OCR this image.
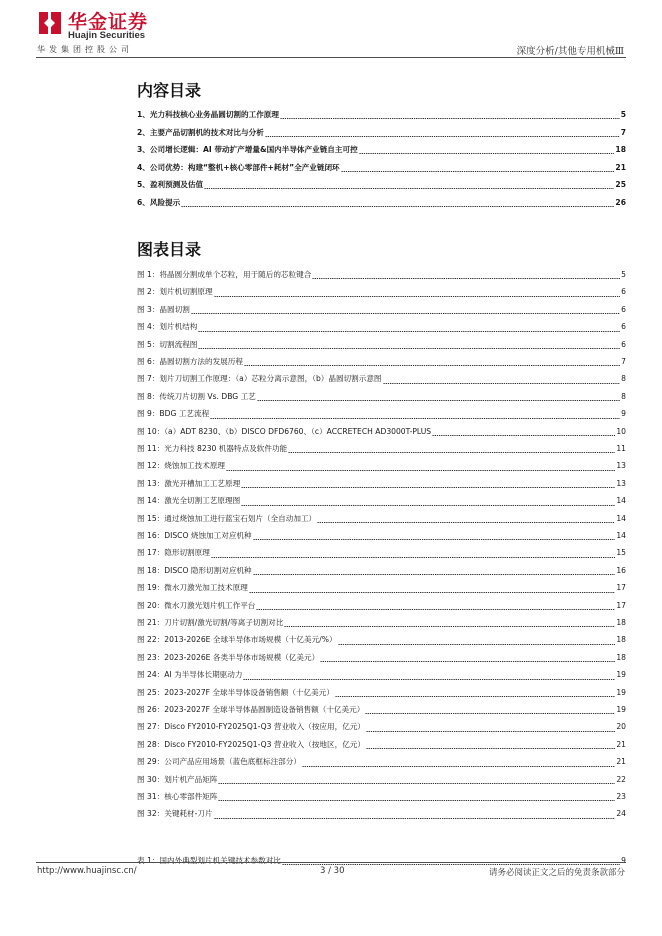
华金证券
Huajin Securities
华发集团控股公司	深度分析/其他专用机械Ⅲ
内容目录
1、光力科技核心业务晶圆切割的工作原理	5
2、主要产品切割机的技术对比与分析	7
3、公司增长逻辑：AI 带动扩产增量&国内半导体产业链自主可控	18
4、公司优势：构建“整机+核心零部件+耗材”全产业链闭环	21
5、盈利预测及估值	25
6、风险提示	26
图表目录
图 1：将晶圆分割成单个芯粒，用于随后的芯粒键合	5
图 2：划片机切割原理	6
图 3：晶圆切割	6
图 4：划片机结构	6
图 5：切割流程图	6
图 6：晶圆切割方法的发展历程	7
图 7：划片刀切割工作原理：（a）芯粒分离示意图，（b）晶圆切割示意图	8
图 8：传统刀片切割 Vs. DBG 工艺	8
图 9：BDG 工艺流程	9
图 10：（a）ADT 8230、（b）DISCO DFD6760、（c）ACCRETECH AD3000T-PLUS	10
图 11：光力科技 8230 机器特点及软件功能	11
图 12：烧蚀加工技术原理	13
图 13：激光开槽加工工艺原理	13
图 14：激光全切割工艺原理图	14
图 15：通过烧蚀加工进行蓝宝石划片（全自动加工）	14
图 16：DISCO 烧蚀加工对应机种	14
图 17：隐形切割原理	15
图 18：DISCO 隐形切割对应机种	16
图 19：微水刀激光加工技术原理	17
图 20：微水刀激光划片机工作平台	17
图 21：刀片切割/激光切割/等离子切割对比	18
图 22：2013-2026E 全球半导体市场规模（十亿美元/%）	18
图 23：2023-2026E 各类半导体市场规模（亿美元）	18
图 24：AI 为半导体长期驱动力	19
图 25：2023-2027F 全球半导体设备销售额（十亿美元）	19
图 26：2023-2027F 全球半导体晶圆制造设备销售额（十亿美元）	19
图 27：Disco FY2010-FY2025Q1-Q3 营业收入（按应用，亿元）	20
图 28：Disco FY2010-FY2025Q1-Q3 营业收入（按地区，亿元）	21
图 29：公司产品应用场景（蓝色底框标注部分）	21
图 30：划片机产品矩阵	22
图 31：核心零部件矩阵	23
图 32：关键耗材-刀片	24
表 1：国内外典型划片机关键技术参数对比	9
http://www.huajinsc.cn/	3 / 30	请务必阅读正文之后的免责条款部分
